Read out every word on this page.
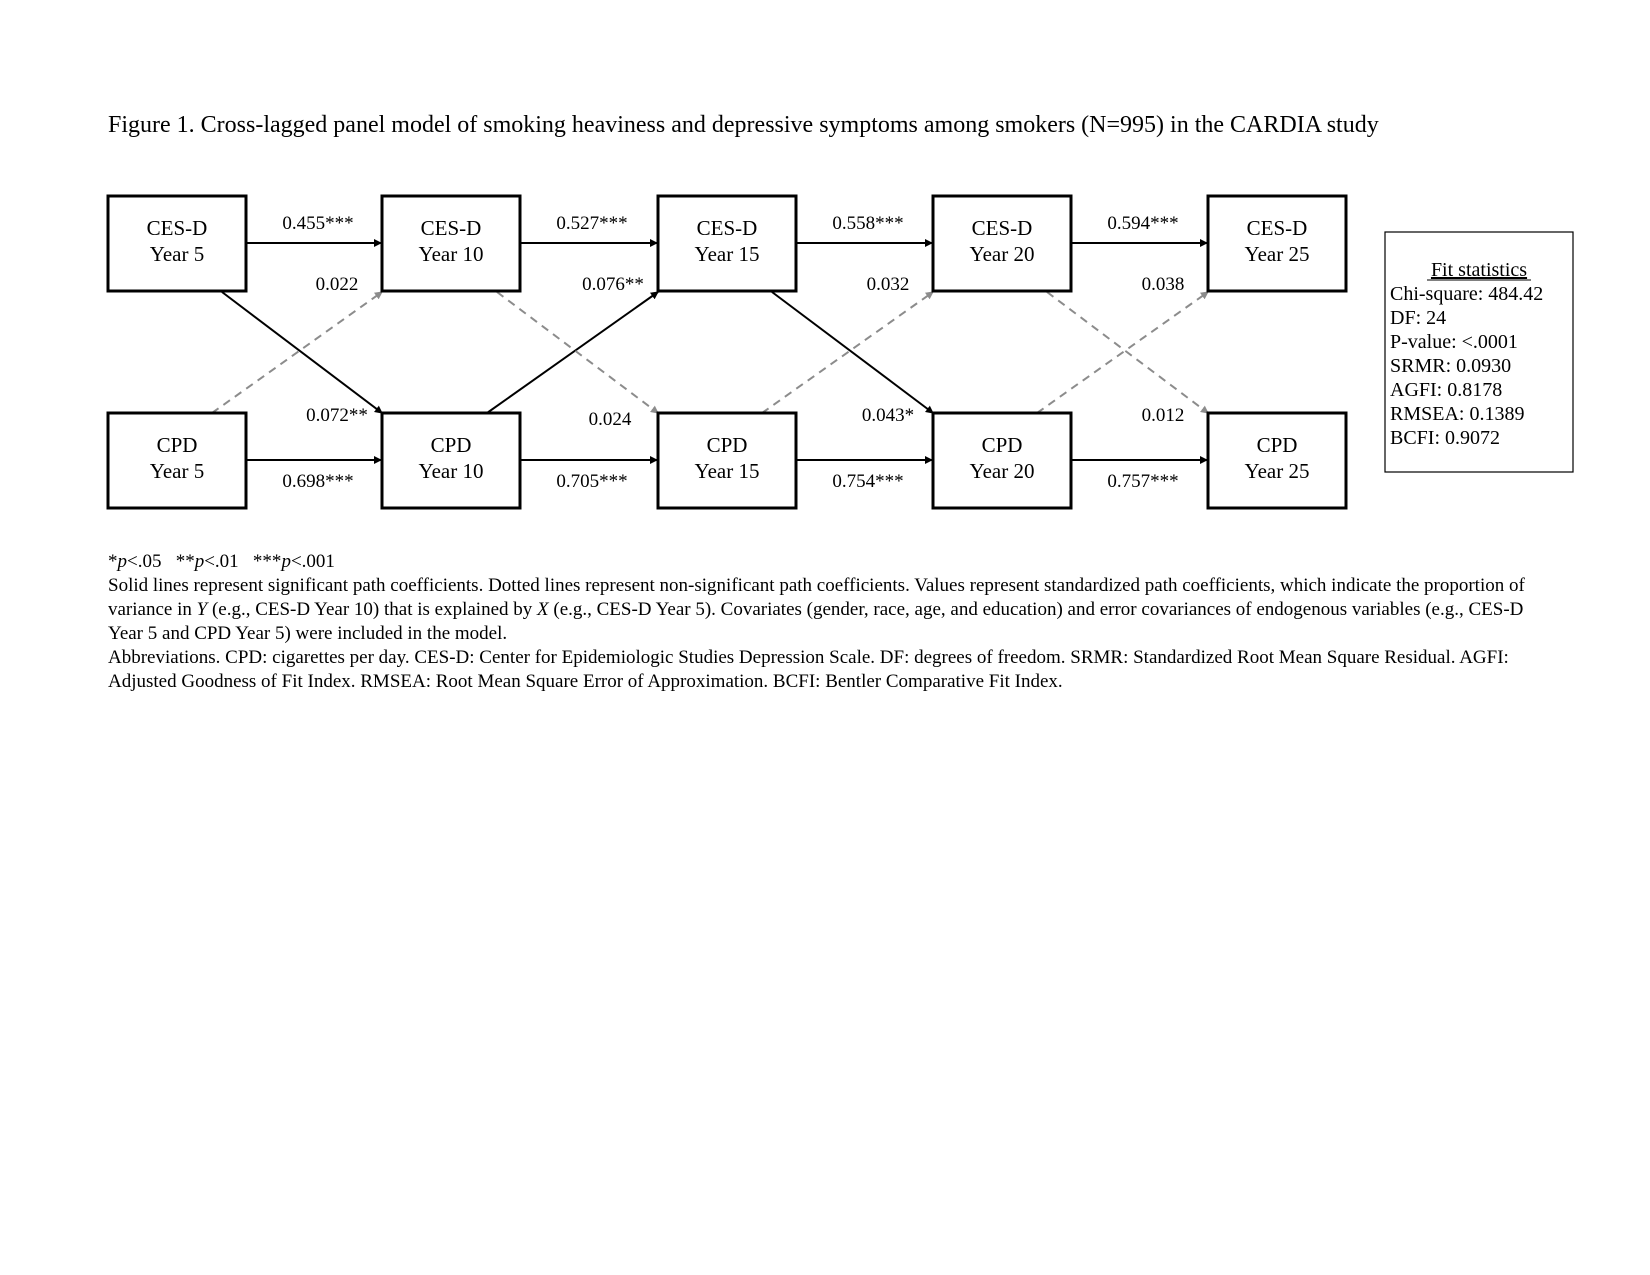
Figure 1. Cross-lagged panel model of smoking heaviness and depressive symptoms among smokers (N=995) in the CARDIA study
CES-D
Year 5
CES-D
Year 10
CES-D
Year 15
CES-D
Year 20
CES-D
Year 25
CPD
Year 5
CPD
Year 10
CPD
Year 15
CPD
Year 20
CPD
Year 25
0.455***
0.698***
0.527***
0.705***
0.558***
0.754***
0.594***
0.757***
0.022
0.072**
0.076**
0.024
0.032
0.043*
0.038
0.012
Fit statistics
Chi-square: 484.42
DF: 24
P-value: <.0001
SRMR: 0.0930
AGFI: 0.8178
RMSEA: 0.1389
BCFI: 0.9072

*p<.05   **p<.01   ***p<.001

Solid lines represent significant path coefficients. Dotted lines represent non-significant path coefficients. Values represent standardized path coefficients, which indicate the proportion of variance in Y (e.g., CES-D Year 10) that is explained by X (e.g., CES-D Year 5). Covariates (gender, race, age, and education) and error covariances of endogenous variables (e.g., CES-D Year 5 and CPD Year 5) were included in the model.

Abbreviations. CPD: cigarettes per day. CES-D: Center for Epidemiologic Studies Depression Scale. DF: degrees of freedom. SRMR: Standardized Root Mean Square Residual. AGFI: Adjusted Goodness of Fit Index. RMSEA: Root Mean Square Error of Approximation. BCFI: Bentler Comparative Fit Index.
